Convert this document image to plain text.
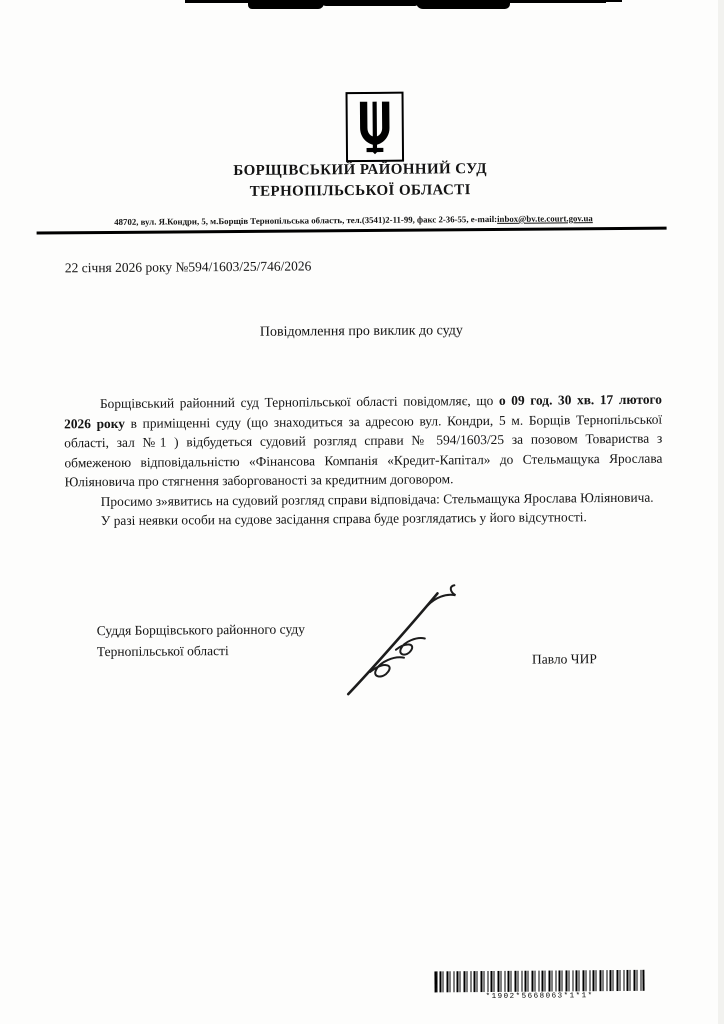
БОРЩІВСЬКИЙ РАЙОННИЙ СУД
ТЕРНОПІЛЬСЬКОЇ ОБЛАСТІ
48702, вул. Я.Кондри, 5, м.Борщів Тернопільська область, тел.(3541)2-11-99, факс 2-36-55, e-mail:inbox@bv.te.court.gov.ua
22 січня 2026 року №594/1603/25/746/2026
Повідомлення про виклик до суду

Борщівський районний суд Тернопільської області повідомляє, що о 09 год. 30 хв. 17 лютого 2026 року в приміщенні суду (що знаходиться за адресою вул. Кондри, 5 м. Борщів Тернопільської області, зал №1 ) відбудеться судовий розгляд справи № 594/1603/25 за позовом Товариства з обмеженою відповідальністю «Фінансова Компанія «Кредит-Капітал» до Стельмащука Ярослава Юліяновича про стягнення заборгованості за кредитним договором.

Просимо з»явитись на судовий розгляд справи відповідача: Стельмащука Ярослава Юліяновича.

У разі неявки особи на судове засідання справа буде розглядатись у його відсутності.

Суддя Борщівського районного суду
Тернопільської області	Павло ЧИР
*1902*5668063*1*1*
